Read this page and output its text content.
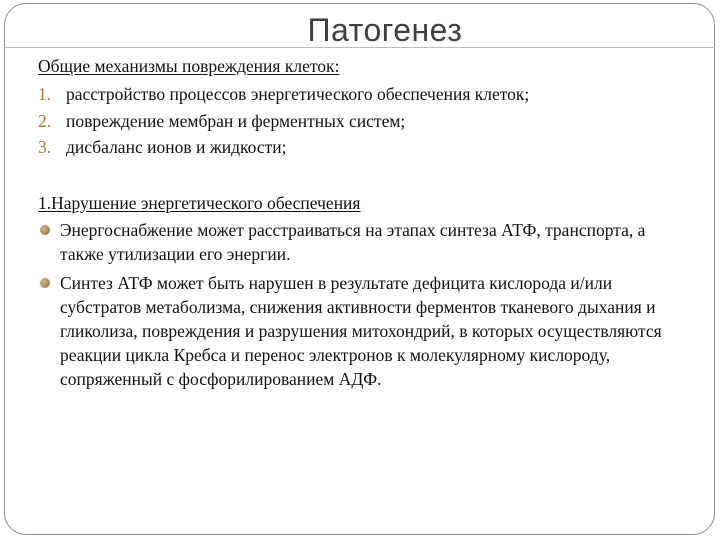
Патогенез
Общие механизмы повреждения клеток:
1. расстройство процессов энергетического обеспечения клеток;
2. повреждение мембран и ферментных систем;
3. дисбаланс ионов и жидкости;
1.Нарушение энергетического обеспечения
Энергоснабжение может расстраиваться на этапах синтеза АТФ, транспорта, а также утилизации его энергии.
Синтез АТФ может быть нарушен в результате дефицита кислорода и/или субстратов метаболизма, снижения активности ферментов тканевого дыхания и гликолиза, повреждения и разрушения митохондрий, в которых осуществляются реакции цикла Кребса и перенос электронов к молекулярному кислороду, сопряженный с фосфорилированием АДФ.
